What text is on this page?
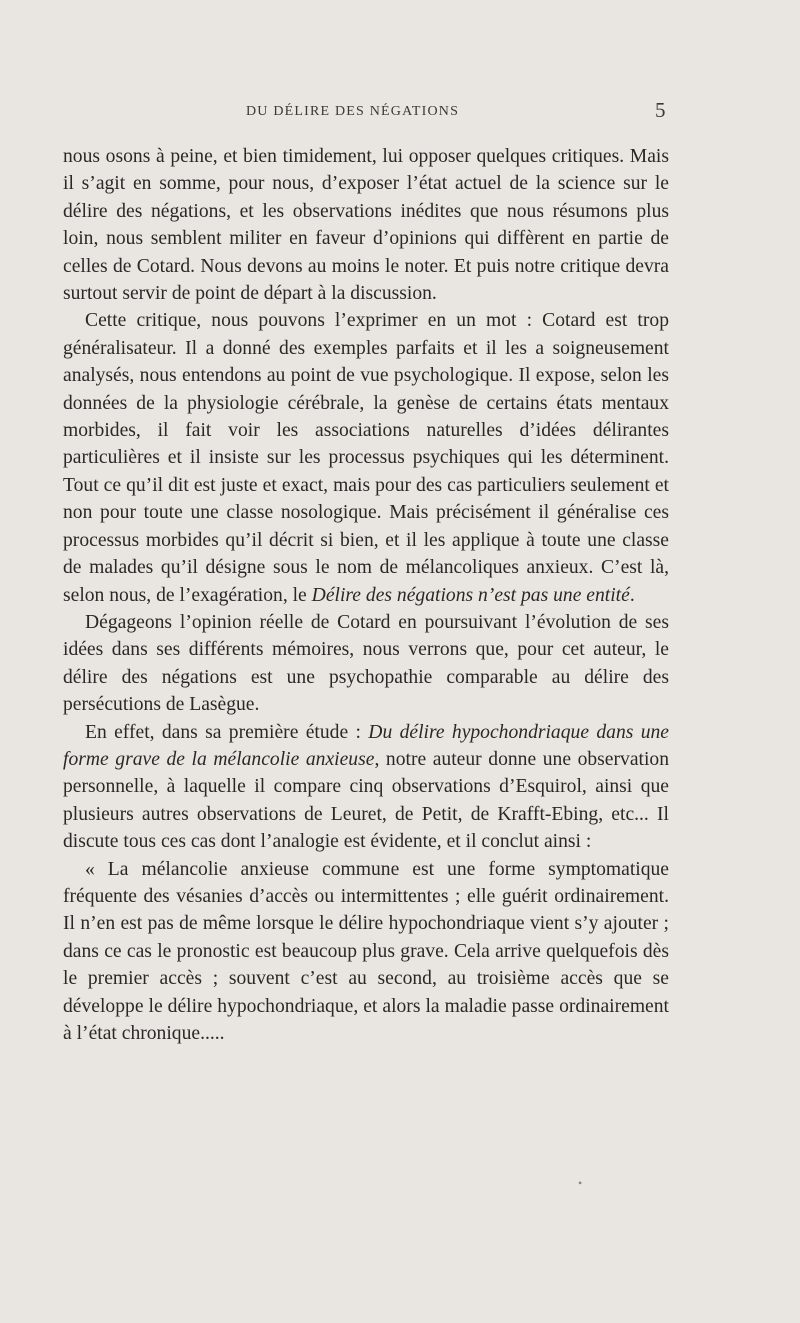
DU DÉLIRE DES NÉGATIONS	5

nous osons à peine, et bien timidement, lui opposer quelques critiques. Mais il s’agit en somme, pour nous, d’exposer l’état actuel de la science sur le délire des négations, et les observations inédites que nous résumons plus loin, nous semblent militer en faveur d’opinions qui diffèrent en partie de celles de Cotard. Nous devons au moins le noter. Et puis notre critique devra surtout servir de point de départ à la discussion.

Cette critique, nous pouvons l’exprimer en un mot : Cotard est trop généralisateur. Il a donné des exemples parfaits et il les a soigneusement analysés, nous entendons au point de vue psychologique. Il expose, selon les données de la physiologie cérébrale, la genèse de certains états mentaux morbides, il fait voir les associations naturelles d’idées délirantes particulières et il insiste sur les processus psychiques qui les déterminent. Tout ce qu’il dit est juste et exact, mais pour des cas particuliers seulement et non pour toute une classe nosologique. Mais précisément il généralise ces processus morbides qu’il décrit si bien, et il les applique à toute une classe de malades qu’il désigne sous le nom de mélancoliques anxieux. C’est là, selon nous, de l’exagération, le Délire des négations n’est pas une entité.

Dégageons l’opinion réelle de Cotard en poursuivant l’évolution de ses idées dans ses différents mémoires, nous verrons que, pour cet auteur, le délire des négations est une psychopathie comparable au délire des persécutions de Lasègue.

En effet, dans sa première étude : Du délire hypochondriaque dans une forme grave de la mélancolie anxieuse, notre auteur donne une observation personnelle, à laquelle il compare cinq observations d’Esquirol, ainsi que plusieurs autres observations de Leuret, de Petit, de Krafft-Ebing, etc... Il discute tous ces cas dont l’analogie est évidente, et il conclut ainsi :

« La mélancolie anxieuse commune est une forme symptomatique fréquente des vésanies d’accès ou intermittentes ; elle guérit ordinairement. Il n’en est pas de même lorsque le délire hypochondriaque vient s’y ajouter ; dans ce cas le pronostic est beaucoup plus grave. Cela arrive quelquefois dès le premier accès ; souvent c’est au second, au troisième accès que se développe le délire hypochondriaque, et alors la maladie passe ordinairement à l’état chronique.....

•
